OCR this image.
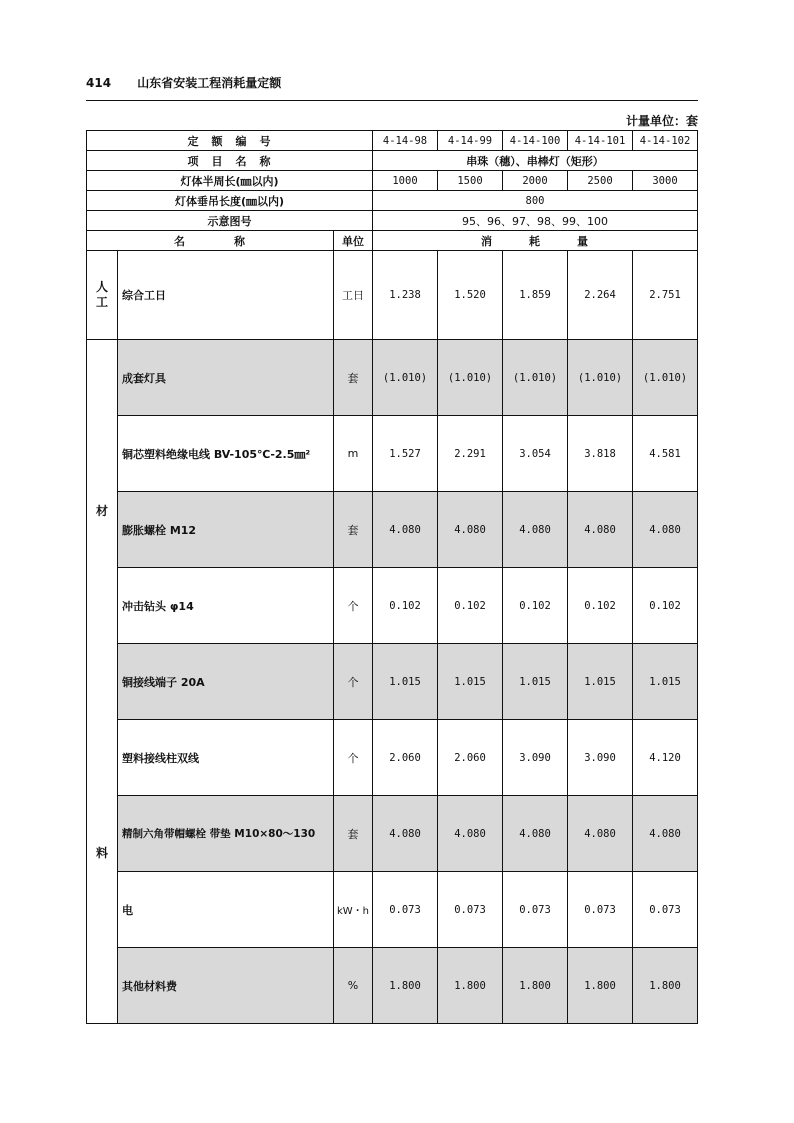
414 山东省安装工程消耗量定额
计量单位：套
定　额　编　号			4-14-98	4-14-99	4-14-100	4-14-101	4-14-102
项　目　名　称			串珠（穗）、串棒灯（矩形）				
灯体半周长(㎜以内)			1000	1500	2000	2500	3000
灯体垂吊长度(㎜以内)			800				
示意图号			95、96、97、98、99、100				
名　　　　称		单位	消　　　耗　　　量				

人
工	综合工日	工日	1.238	1.520	1.859	2.264	2.751

材
料	成套灯具	套	(1.010)	(1.010)	(1.010)	(1.010)	(1.010)
	铜芯塑料绝缘电线 BV-105℃-2.5㎜²	m	1.527	2.291	3.054	3.818	4.581
	膨胀螺栓 M12	套	4.080	4.080	4.080	4.080	4.080
	冲击钻头 φ14	个	0.102	0.102	0.102	0.102	0.102
	铜接线端子 20A	个	1.015	1.015	1.015	1.015	1.015
	塑料接线柱双线	个	2.060	2.060	3.090	3.090	4.120
	精制六角带帽螺栓 带垫 M10×80～130	套	4.080	4.080	4.080	4.080	4.080
	电	kW・h	0.073	0.073	0.073	0.073	0.073
	其他材料费	%	1.800	1.800	1.800	1.800	1.800
